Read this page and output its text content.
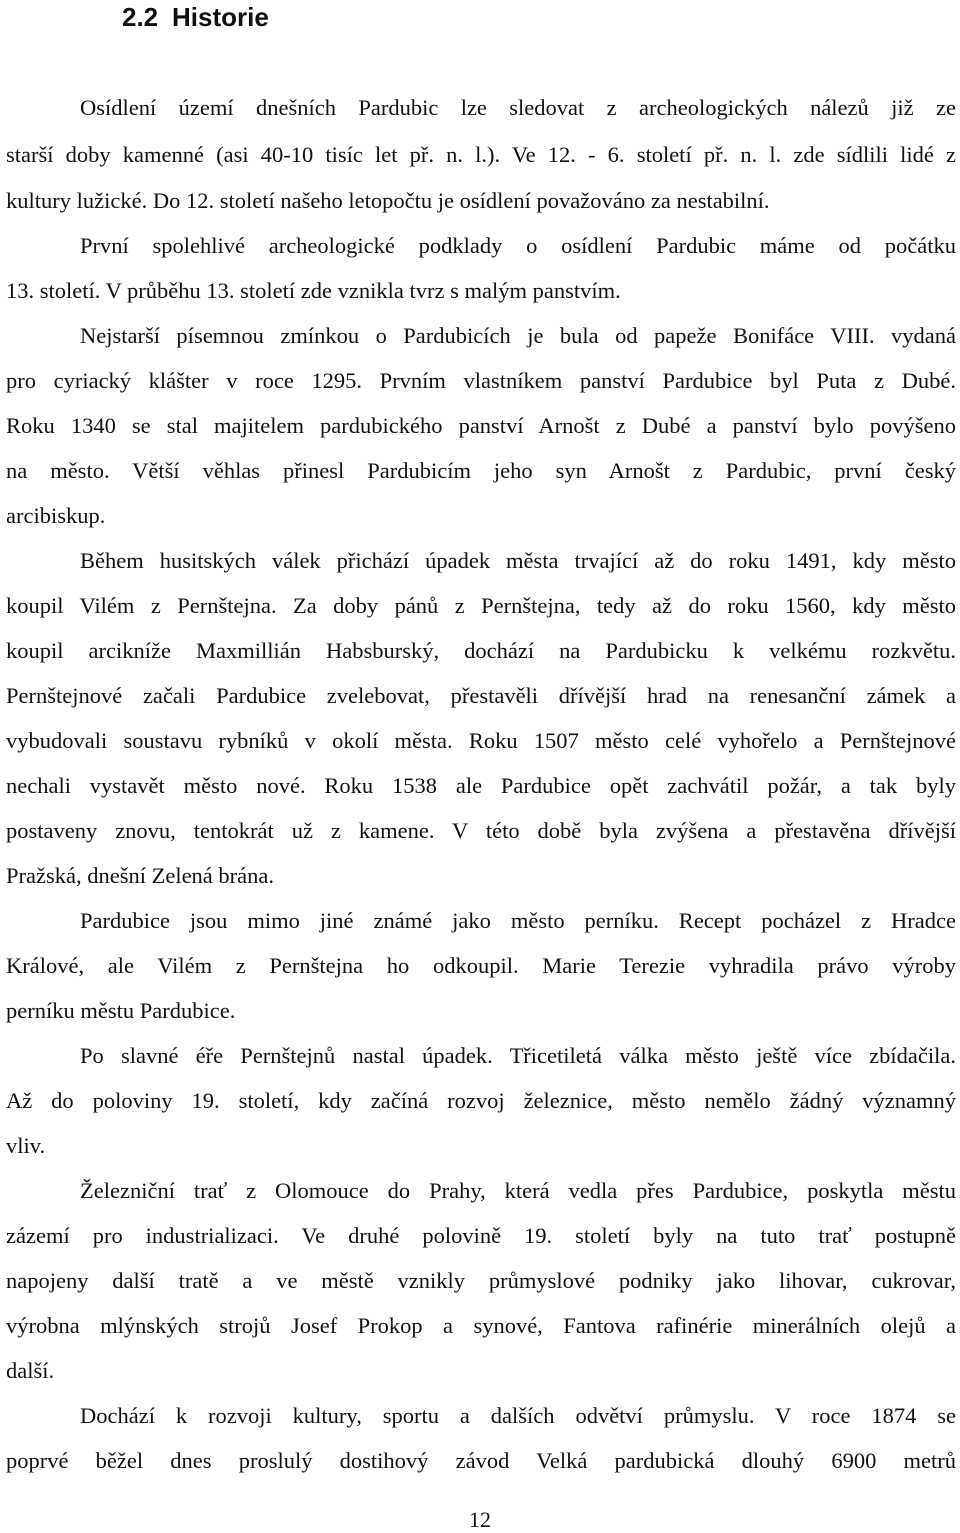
2.2 Historie
Osídlení území dnešních Pardubic lze sledovat z archeologických nálezů již ze
starší doby kamenné (asi 40-10 tisíc let př. n. l.). Ve 12. - 6. století př. n. l. zde sídlili lidé z
kultury lužické. Do 12. století našeho letopočtu je osídlení považováno za nestabilní.
První spolehlivé archeologické podklady o osídlení Pardubic máme od počátku
13. století. V průběhu 13. století zde vznikla tvrz s malým panstvím.
Nejstarší písemnou zmínkou o Pardubicích je bula od papeže Bonifáce VIII. vydaná
pro cyriacký klášter v roce 1295. Prvním vlastníkem panství Pardubice byl Puta z Dubé.
Roku 1340 se stal majitelem pardubického panství Arnošt z Dubé a panství bylo povýšeno
na město. Větší věhlas přinesl Pardubicím jeho syn Arnošt z Pardubic, první český
arcibiskup.
Během husitských válek přichází úpadek města trvající až do roku 1491, kdy město
koupil Vilém z Pernštejna. Za doby pánů z Pernštejna, tedy až do roku 1560, kdy město
koupil arcikníže Maxmillián Habsburský, dochází na Pardubicku k velkému rozkvětu.
Pernštejnové začali Pardubice zvelebovat, přestavěli dřívější hrad na renesanční zámek a
vybudovali soustavu rybníků v okolí města. Roku 1507 město celé vyhořelo a Pernštejnové
nechali vystavět město nové. Roku 1538 ale Pardubice opět zachvátil požár, a tak byly
postaveny znovu, tentokrát už z kamene. V této době byla zvýšena a přestavěna dřívější
Pražská, dnešní Zelená brána.
Pardubice jsou mimo jiné známé jako město perníku. Recept pocházel z Hradce
Králové, ale Vilém z Pernštejna ho odkoupil. Marie Terezie vyhradila právo výroby
perníku městu Pardubice.
Po slavné éře Pernštejnů nastal úpadek. Třicetiletá válka město ještě více zbídačila.
Až do poloviny 19. století, kdy začíná rozvoj železnice, město nemělo žádný významný
vliv.
Železniční trať z Olomouce do Prahy, která vedla přes Pardubice, poskytla městu
zázemí pro industrializaci. Ve druhé polovině 19. století byly na tuto trať postupně
napojeny další tratě a ve městě vznikly průmyslové podniky jako lihovar, cukrovar,
výrobna mlýnských strojů Josef Prokop a synové, Fantova rafinérie minerálních olejů a
další.
Dochází k rozvoji kultury, sportu a dalších odvětví průmyslu. V roce 1874 se
poprvé běžel dnes proslulý dostihový závod Velká pardubická dlouhý 6900 metrů
12
